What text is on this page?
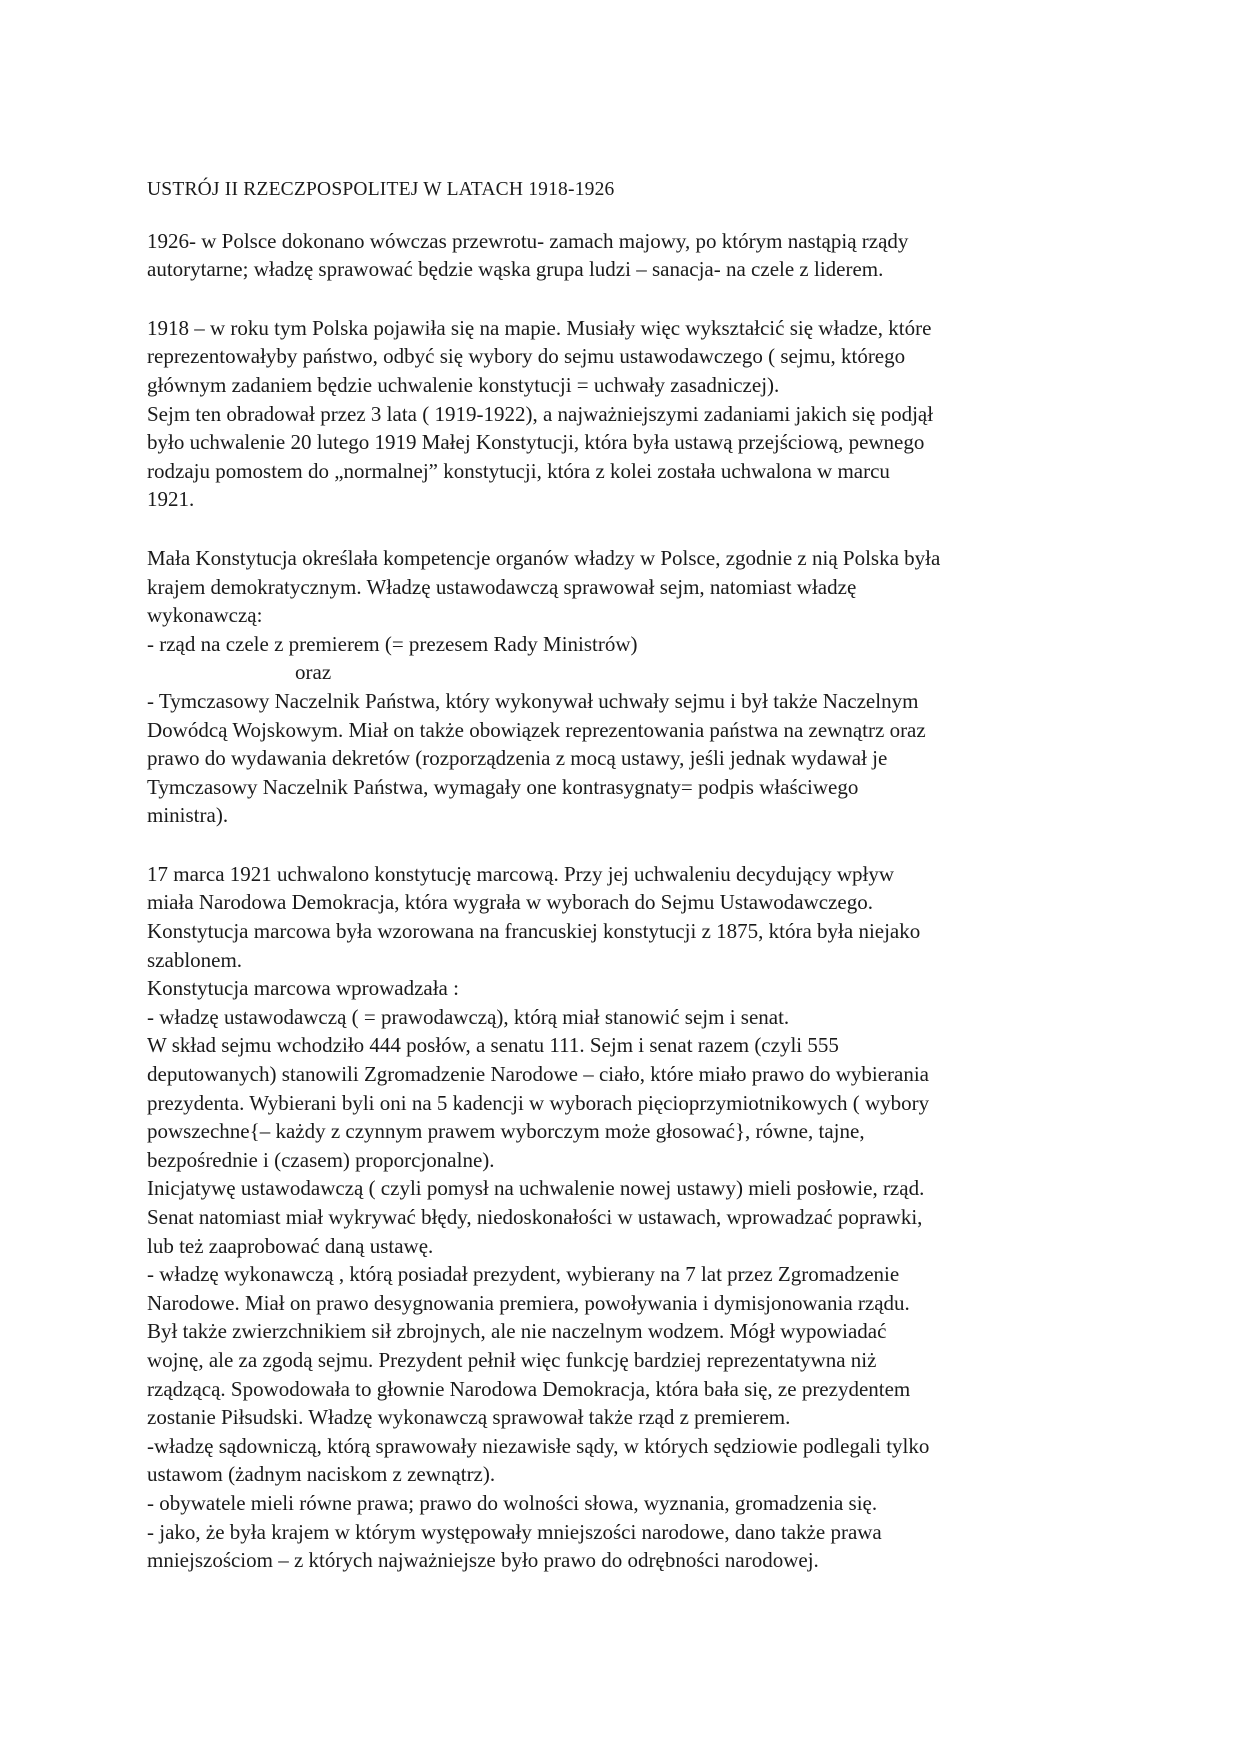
USTRÓJ II RZECZPOSPOLITEJ W LATACH 1918-1926
1926- w Polsce dokonano wówczas przewrotu- zamach majowy, po którym nastąpią rządy
autorytarne; władzę sprawować będzie wąska grupa ludzi – sanacja- na czele z liderem.
1918 – w roku tym Polska pojawiła się na mapie. Musiały więc wykształcić się władze, które
reprezentowałyby państwo, odbyć się wybory do sejmu ustawodawczego ( sejmu, którego
głównym zadaniem będzie uchwalenie konstytucji = uchwały zasadniczej).
Sejm ten obradował przez 3 lata ( 1919-1922), a najważniejszymi zadaniami jakich się podjął
było uchwalenie 20 lutego 1919 Małej Konstytucji, która była ustawą przejściową, pewnego
rodzaju pomostem do „normalnej” konstytucji, która z kolei została uchwalona w marcu
1921.
Mała Konstytucja określała kompetencje organów władzy w Polsce, zgodnie z nią Polska była
krajem demokratycznym. Władzę ustawodawczą sprawował sejm, natomiast władzę
wykonawczą:
- rząd na czele z premierem (= prezesem Rady Ministrów)
oraz
- Tymczasowy Naczelnik Państwa, który wykonywał uchwały sejmu i był także Naczelnym
Dowódcą Wojskowym. Miał on także obowiązek reprezentowania państwa na zewnątrz oraz
prawo do wydawania dekretów (rozporządzenia z mocą ustawy, jeśli jednak wydawał je
Tymczasowy Naczelnik Państwa, wymagały one kontrasygnaty= podpis właściwego
ministra).
17 marca 1921 uchwalono konstytucję marcową. Przy jej uchwaleniu decydujący wpływ
miała Narodowa Demokracja, która wygrała w wyborach do Sejmu Ustawodawczego.
Konstytucja marcowa była wzorowana na francuskiej konstytucji z 1875, która była niejako
szablonem.
Konstytucja marcowa wprowadzała :
- władzę ustawodawczą ( = prawodawczą), którą miał stanowić sejm i senat.
W skład sejmu wchodziło 444 posłów, a senatu 111. Sejm i senat razem (czyli 555
deputowanych) stanowili Zgromadzenie Narodowe – ciało, które miało prawo do wybierania
prezydenta. Wybierani byli oni na 5 kadencji w wyborach pięcioprzymiotnikowych ( wybory
powszechne{– każdy z czynnym prawem wyborczym może głosować}, równe, tajne,
bezpośrednie i (czasem) proporcjonalne).
Inicjatywę ustawodawczą ( czyli pomysł na uchwalenie nowej ustawy) mieli posłowie, rząd.
Senat natomiast miał wykrywać błędy, niedoskonałości w ustawach, wprowadzać poprawki,
lub też zaaprobować daną ustawę.
- władzę wykonawczą , którą posiadał prezydent, wybierany na 7 lat przez Zgromadzenie
Narodowe. Miał on prawo desygnowania premiera, powoływania i dymisjonowania rządu.
Był także zwierzchnikiem sił zbrojnych, ale nie naczelnym wodzem. Mógł wypowiadać
wojnę, ale za zgodą sejmu. Prezydent pełnił więc funkcję bardziej reprezentatywna niż
rządzącą. Spowodowała to głownie Narodowa Demokracja, która bała się, ze prezydentem
zostanie Piłsudski. Władzę wykonawczą sprawował także rząd z premierem.
-władzę sądowniczą, którą sprawowały niezawisłe sądy, w których sędziowie podlegali tylko
ustawom (żadnym naciskom z zewnątrz).
- obywatele mieli równe prawa; prawo do wolności słowa, wyznania, gromadzenia się.
- jako, że była krajem w którym występowały mniejszości narodowe, dano także prawa
mniejszościom – z których najważniejsze było prawo do odrębności narodowej.
